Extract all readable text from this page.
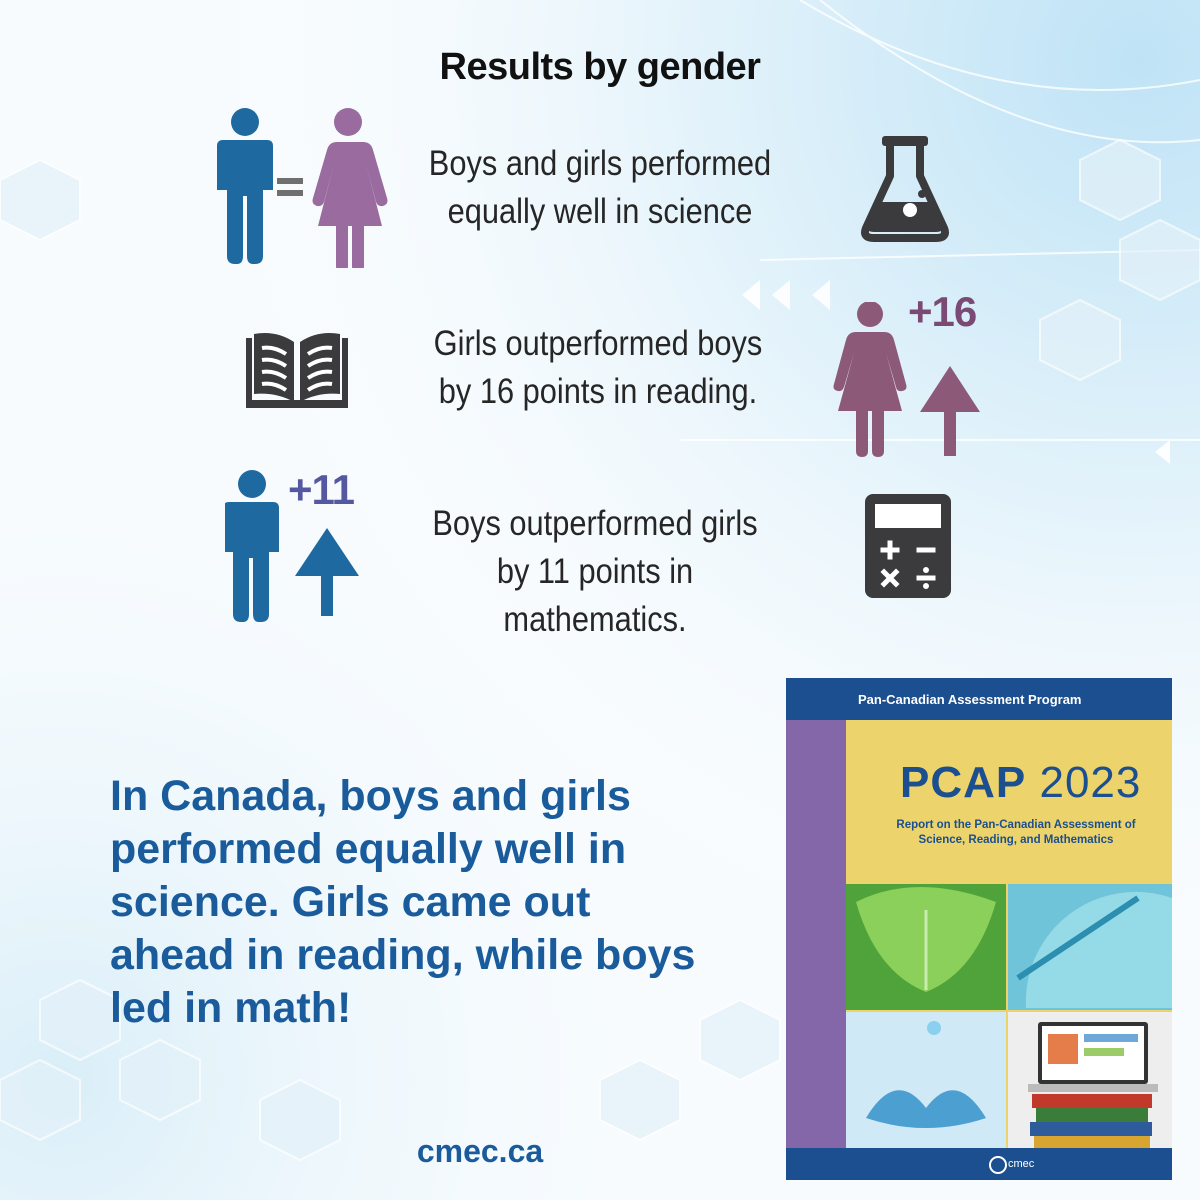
Results by gender
Boys and girls performed
equally well in science
Girls outperformed boys
by 16 points in reading.
+16
+11
Boys outperformed girls
by 11 points in mathematics.
In Canada, boys and girls
performed equally well in
science. Girls came out
ahead in reading, while boys
led in math!
cmec.ca
Pan-Canadian Assessment Program
PCAP 2023
Report on the Pan-Canadian Assessment of
Science, Reading, and Mathematics
cmec
